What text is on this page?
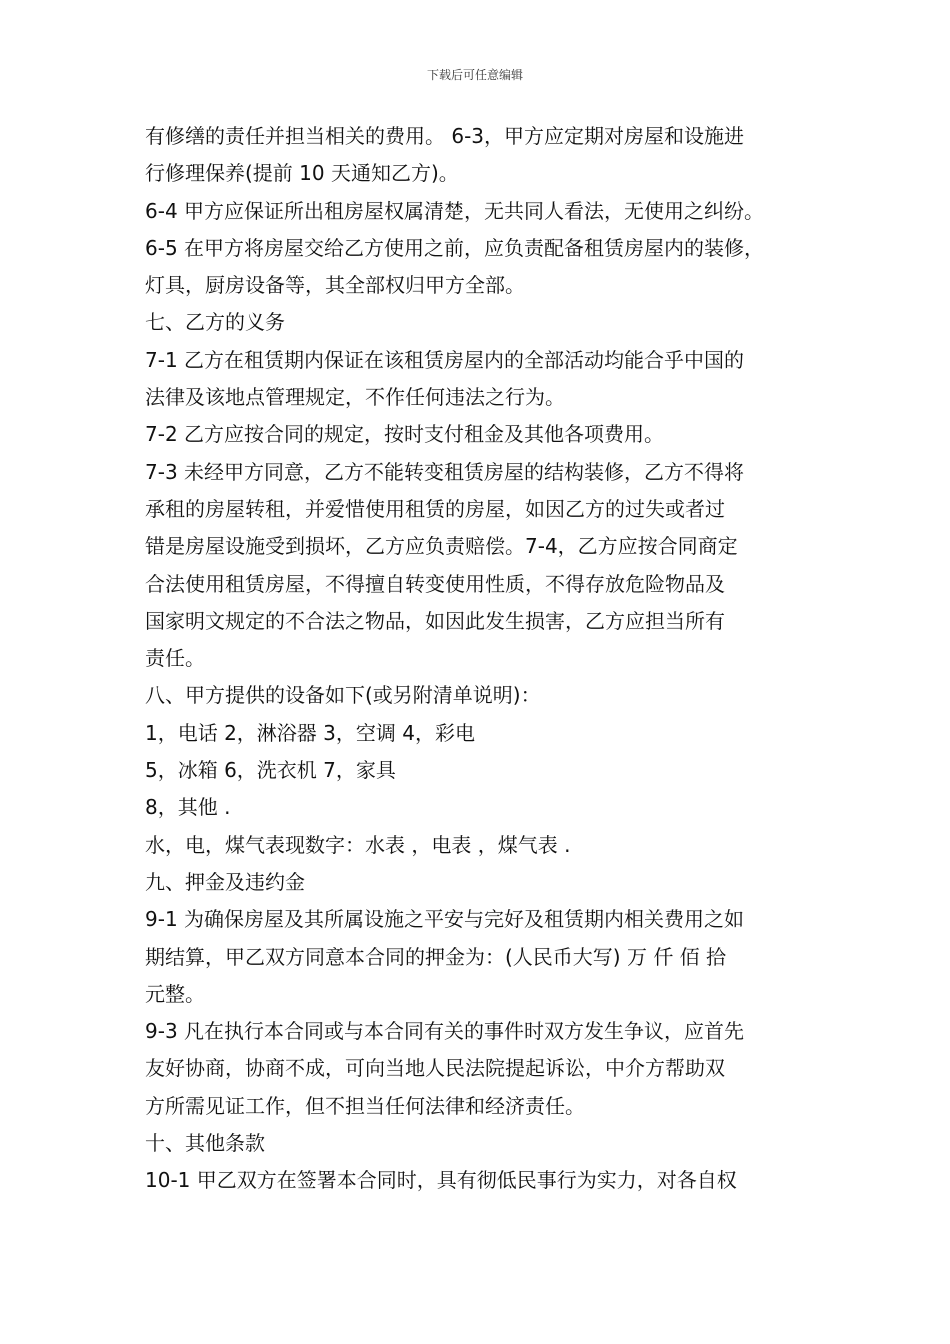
下载后可任意编辑
有修缮的责任并担当相关的费用。 6-3，甲方应定期对房屋和设施进
行修理保养(提前 10 天通知乙方)。
6-4 甲方应保证所出租房屋权属清楚，无共同人看法，无使用之纠纷。
6-5 在甲方将房屋交给乙方使用之前，应负责配备租赁房屋内的装修，
灯具，厨房设备等，其全部权归甲方全部。
七、乙方的义务
7-1 乙方在租赁期内保证在该租赁房屋内的全部活动均能合乎中国的
法律及该地点管理规定，不作任何违法之行为。
7-2 乙方应按合同的规定，按时支付租金及其他各项费用。
7-3 未经甲方同意，乙方不能转变租赁房屋的结构装修，乙方不得将
承租的房屋转租，并爱惜使用租赁的房屋，如因乙方的过失或者过
错是房屋设施受到损坏，乙方应负责赔偿。7-4，乙方应按合同商定
合法使用租赁房屋，不得擅自转变使用性质，不得存放危险物品及
国家明文规定的不合法之物品，如因此发生损害，乙方应担当所有
责任。
八、甲方提供的设备如下(或另附清单说明)：
1，电话 2，淋浴器 3，空调 4，彩电
5，冰箱 6，洗衣机 7，家具
8，其他 .
水，电，煤气表现数字：水表 ，电表 ，煤气表 .
九、押金及违约金
9-1 为确保房屋及其所属设施之平安与完好及租赁期内相关费用之如
期结算，甲乙双方同意本合同的押金为：(人民币大写) 万 仟 佰 拾
元整。
9-3 凡在执行本合同或与本合同有关的事件时双方发生争议，应首先
友好协商，协商不成，可向当地人民法院提起诉讼，中介方帮助双
方所需见证工作，但不担当任何法律和经济责任。
十、其他条款
10-1 甲乙双方在签署本合同时，具有彻低民事行为实力，对各自权
